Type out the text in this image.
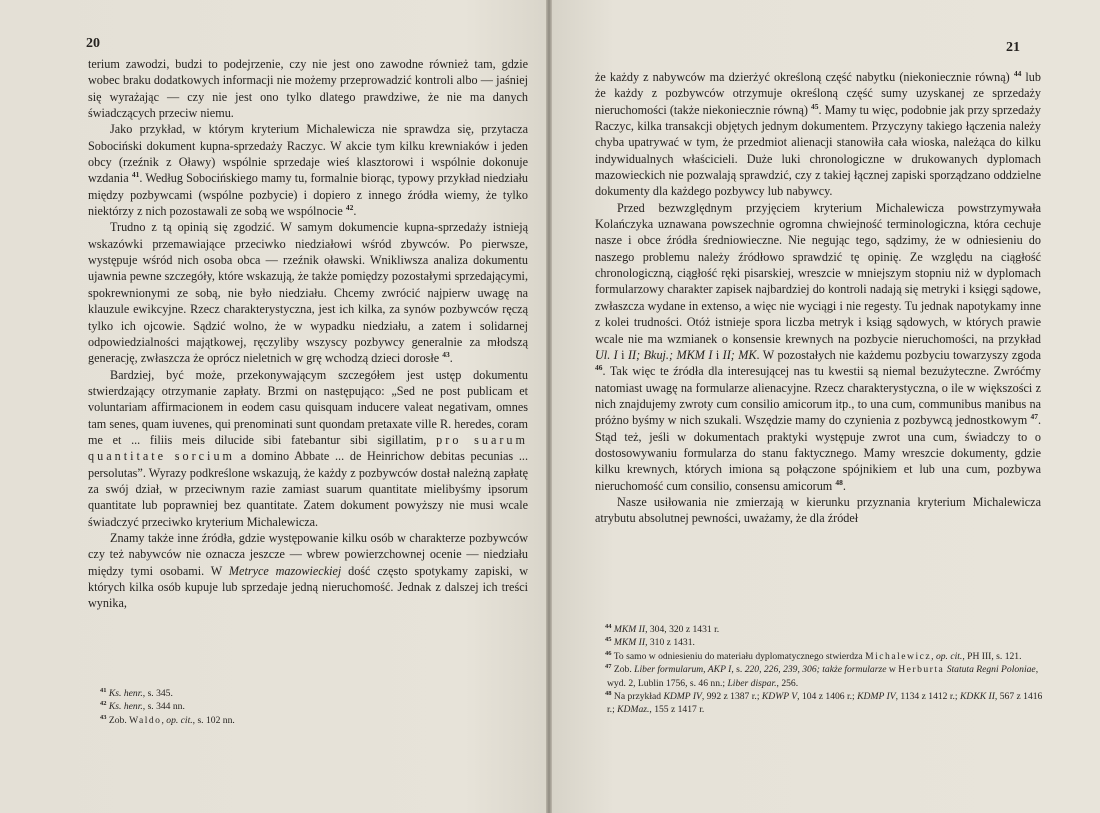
20

terium zawodzi, budzi to podejrzenie, czy nie jest ono zawodne również tam, gdzie wobec braku dodatkowych informacji nie możemy przeprowadzić kontroli albo — jaśniej się wyrażając — czy nie jest ono tylko dlatego prawdziwe, że nie ma danych świadczących przeciw niemu.

Jako przykład, w którym kryterium Michalewicza nie sprawdza się, przytacza Sobociński dokument kupna-sprzedaży Raczyc. W akcie tym kilku krewniaków i jeden obcy (rzeźnik z Oławy) wspólnie sprzedaje wieś klasztorowi i wspólnie dokonuje wzdania $^{41}$. Według Sobocińskiego mamy tu, formalnie biorąc, typowy przykład niedziału między pozbywcami (wspólne pozbycie) i dopiero z innego źródła wiemy, że tylko niektórzy z nich pozostawali ze sobą we wspólnocie $^{42}$.

Trudno z tą opinią się zgodzić. W samym dokumencie kupna-sprzedaży istnieją wskazówki przemawiające przeciwko niedziałowi wśród zbywców. Po pierwsze, występuje wśród nich osoba obca — rzeźnik oławski. Wnikliwsza analiza dokumentu ujawnia pewne szczegóły, które wskazują, że także pomiędzy pozostałymi sprzedającymi, spokrewnionymi ze sobą, nie było niedziału. Chcemy zwrócić najpierw uwagę na klauzule ewikcyjne. Rzecz charakterystyczna, jest ich kilka, za synów pozbywców ręczą tylko ich ojcowie. Sądzić wolno, że w wypadku niedziału, a zatem i solidarnej odpowiedzialności majątkowej, ręczyliby wszyscy pozbywcy generalnie za młodszą generację, zwłaszcza że oprócz nieletnich w grę wchodzą dzieci dorosłe $^{43}$.

Bardziej, być może, przekonywającym szczegółem jest ustęp dokumentu stwierdzający otrzymanie zapłaty. Brzmi on następująco: „Sed ne post publicam et voluntariam affirmacionem in eodem casu quisquam inducere valeat negativam, omnes tam senes, quam iuvenes, qui prenominati sunt quondam pretaxate ville R. heredes, coram me et ... filiis meis dilucide sibi fatebantur sibi sigillatim, pro suarum quantitate sorcium a domino Abbate ... de Heinrichow debitas pecunias ... persolutas”. Wyrazy podkreślone wskazują, że każdy z pozbywców dostał należną zapłatę za swój dział, w przeciwnym razie zamiast suarum quantitate mielibyśmy ipsorum quantitate lub poprawniej bez quantitate. Zatem dokument powyższy nie musi wcale świadczyć przeciwko kryterium Michalewicza.

Znamy także inne źródła, gdzie występowanie kilku osób w charakterze pozbywców czy też nabywców nie oznacza jeszcze — wbrew powierzchownej ocenie — niedziału między tymi osobami. W Metryce mazowieckiej dość często spotykamy zapiski, w których kilka osób kupuje lub sprzedaje jedną nieruchomość. Jednak z dalszej ich treści wynika,

$^{41}$ Ks. henr., s. 345.

$^{42}$ Ks. henr., s. 344 nn.

$^{43}$ Zob. Waldo, op. cit., s. 102 nn.

21

że każdy z nabywców ma dzierżyć określoną część nabytku (niekoniecznie równą) $^{44}$ lub że każdy z pozbywców otrzymuje określoną część sumy uzyskanej ze sprzedaży nieruchomości (także niekoniecznie równą) $^{45}$. Mamy tu więc, podobnie jak przy sprzedaży Raczyc, kilka transakcji objętych jednym dokumentem. Przyczyny takiego łączenia należy chyba upatrywać w tym, że przedmiot alienacji stanowiła cała wioska, należąca do kilku indywidualnych właścicieli. Duże luki chronologiczne w drukowanych dyplomach mazowieckich nie pozwalają sprawdzić, czy z takiej łącznej zapiski sporządzano oddzielne dokumenty dla każdego pozbywcy lub nabywcy.

Przed bezwzględnym przyjęciem kryterium Michalewicza powstrzymywała Kolańczyka uznawana powszechnie ogromna chwiejność terminologiczna, która cechuje nasze i obce źródła średniowieczne. Nie negując tego, sądzimy, że w odniesieniu do naszego problemu należy źródłowo sprawdzić tę opinię. Ze względu na ciągłość chronologiczną, ciągłość ręki pisarskiej, wreszcie w mniejszym stopniu niż w dyplomach formularzowy charakter zapisek najbardziej do kontroli nadają się metryki i księgi sądowe, zwłaszcza wydane in extenso, a więc nie wyciągi i nie regesty. Tu jednak napotykamy inne z kolei trudności. Otóż istnieje spora liczba metryk i ksiąg sądowych, w których prawie wcale nie ma wzmianek o konsensie krewnych na pozbycie nieruchomości, na przykład Ul. I i II; Bkuj.; MKM I i II; MK. W pozostałych nie każdemu pozbyciu towarzyszy zgoda $^{46}$. Tak więc te źródła dla interesującej nas tu kwestii są niemal bezużyteczne. Zwróćmy natomiast uwagę na formularze alienacyjne. Rzecz charakterystyczna, o ile w większości z nich znajdujemy zwroty cum consilio amicorum itp., to una cum, communibus manibus na próżno byśmy w nich szukali. Wszędzie mamy do czynienia z pozbywcą jednostkowym $^{47}$. Stąd też, jeśli w dokumentach praktyki występuje zwrot una cum, świadczy to o dostosowywaniu formularza do stanu faktycznego. Mamy wreszcie dokumenty, gdzie kilku krewnych, których imiona są połączone spójnikiem et lub una cum, pozbywa nieruchomość cum consilio, consensu amicorum $^{48}$.

Nasze usiłowania nie zmierzają w kierunku przyznania kryterium Michalewicza atrybutu absolutnej pewności, uważamy, że dla źródeł

$^{44}$ MKM II, 304, 320 z 1431 r.

$^{45}$ MKM II, 310 z 1431.

$^{46}$ To samo w odniesieniu do materiału dyplomatycznego stwierdza Michalewicz, op. cit., PH III, s. 121.

$^{47}$ Zob. Liber formularum, AKP I, s. 220, 226, 239, 306; także formularze w Herburta Statuta Regni Poloniae, wyd. 2, Lublin 1756, s. 46 nn.; Liber dispar., 256.

$^{48}$ Na przykład KDMP IV, 992 z 1387 r.; KDWP V, 104 z 1406 r.; KDMP IV, 1134 z 1412 r.; KDKK II, 567 z 1416 r.; KDMaz., 155 z 1417 r.
